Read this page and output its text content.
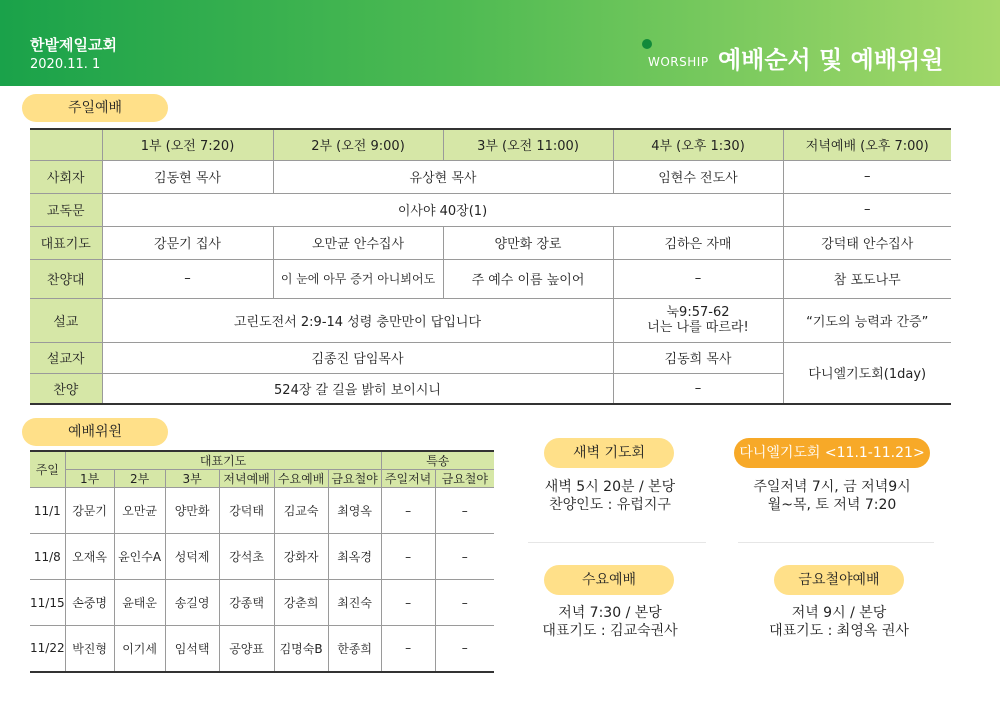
한밭제일교회
2020.11. 1	WORSHIP 예배순서 및 예배위원
주일예배
	1부 (오전 7:20)	2부 (오전 9:00)	3부 (오전 11:00)	4부 (오후 1:30)	저녁예배 (오후 7:00)
사회자	김동현 목사	유상현 목사		임현수 전도사	–
교독문	이사야 40장(1)				–
대표기도	강문기 집사	오만균 안수집사	양만화 장로	김하은 자매	강덕태 안수집사
찬양대	–	이 눈에 아무 증거 아니뵈어도	주 예수 이름 높이어	–	참 포도나무
설교	고린도전서 2:9-14 성령 충만만이 답입니다			눅9:57-62
너는 나를 따르라!	“기도의 능력과 간증”
설교자	김종진 담임목사			김동희 목사	다니엘기도회(1day)
찬양	524장 갈 길을 밝히 보이시니			–	
예배위원
주일	대표기도						특송	
	1부	2부	3부	저녁예배	수요예배	금요철야	주일저녁	금요철야
11/1	강문기	오만균	양만화	강덕태	김교숙	최영옥	–	–
11/8	오재옥	윤인수A	성덕제	강석초	강화자	최옥경	–	–
11/15	손중명	윤태운	송길영	강종택	강춘희	최진숙	–	–
11/22	박진형	이기세	임석택	공양표	김명숙B	한종희	–	–
새벽 기도회
새벽 5시 20분 / 본당
찬양인도 : 유럽지구
다니엘기도회 <11.1-11.21>
주일저녁 7시, 금 저녁9시
월~목, 토 저녁 7:20
수요예배
저녁 7:30 / 본당
대표기도 : 김교숙권사
금요철야예배
저녁 9시 / 본당
대표기도 : 최영옥 권사
